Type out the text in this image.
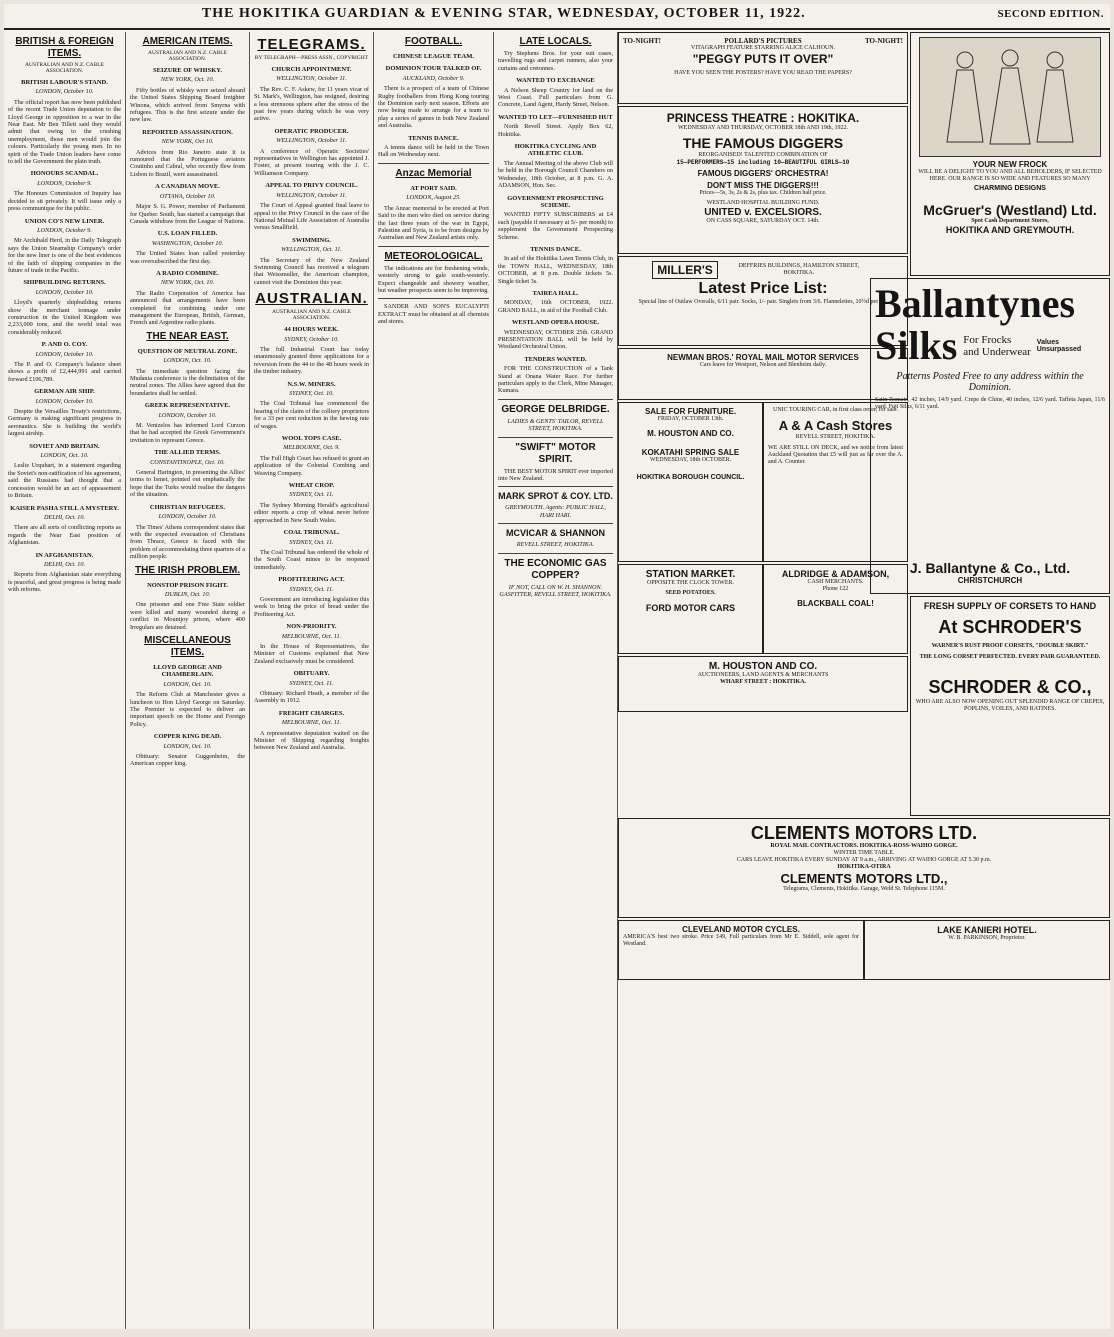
THE HOKITIKA GUARDIAN & EVENING STAR, WEDNESDAY, OCTOBER 11, 1922.	SECOND EDITION.
BRITISH & FOREIGN ITEMS.
AUSTRALIAN AND N.Z. CABLE ASSOCIATION.
BRITISH LABOUR'S STAND.

LONDON, October 10.

The official report has now been published of the recent Trade Union deputation to the Lloyd George in opposition to a war in the Near East. Mr Ben Tillett said they would admit that owing to the crushing unemployment, those men would join the colours. Particularly the young men. In no spirit of the Trade Union leaders have come to tell the Government the plain truth.

HONOURS SCANDAL.

LONDON, October 9.

The Honours Commission of Inquiry has decided to sit privately. It will issue only a press communique for the public.

UNION CO'S NEW LINER.

LONDON, October 9.

Mr Archibald Herd, in the Daily Telegraph says the Union Steamship Company's order for the new liner is one of the best evidences of the faith of shipping companies in the future of trade in the Pacific.

SHIPBUILDING RETURNS.

LONDON, October 10.

Lloyd's quarterly shipbuilding returns show the merchant tonnage under construction in the United Kingdom was 2,233,000 tons, and the world total was considerably reduced.

P. AND O. COY.

LONDON, October 10.

The P. and O. Company's balance sheet shows a profit of £2,444,991 and carried forward £106,789.

GERMAN AIR SHIP.

LONDON, October 10.

Despite the Versailles Treaty's restrictions, Germany is making significant progress in aeronautics. She is building the world's largest airship.

SOVIET AND BRITAIN.

LONDON, Oct. 10.

Leslie Urquhart, in a statement regarding the Soviet's non-ratification of his agreement, said the Russians had thought that a concession would be an act of appeasement to Britain.

KAISER PASHA STILL A MYSTERY.

DELHI, Oct. 10.

There are all sorts of conflicting reports as regards the Near East position of Afghanistan.

IN AFGHANISTAN.

DELHI, Oct. 10.

Reports from Afghanistan state everything is peaceful, and great progress is being made with reforms.

AMERICAN ITEMS.
AUSTRALIAN AND N.Z. CABLE ASSOCIATION.
SEIZURE OF WHISKY.

NEW YORK, Oct. 10.

Fifty bottles of whisky were seized aboard the United States Shipping Board freighter Winona, which arrived from Smyrna with refugees. This is the first seizure under the new law.

REPORTED ASSASSINATION.

NEW YORK, Oct 10.

Advices from Rio Janeiro state it is rumoured that the Portuguese aviators Coutinho and Cabral, who recently flew from Lisbon to Brazil, were assassinated.

A CANADIAN MOVE.

OTTAWA, October 10.

Major S. G. Power, member of Parliament for Quebec South, has started a campaign that Canada withdraw from the League of Nations.

U.S. LOAN FILLED.

WASHINGTON, October 10.

The United States loan called yesterday was oversubscribed the first day.

A RADIO COMBINE.

NEW YORK, Oct. 10.

The Radio Corporation of America has announced that arrangements have been completed for combining under one management the European, British, German, French and Argentine radio plants.

THE NEAR EAST.
QUESTION OF NEUTRAL ZONE.

LONDON, Oct. 10.

The immediate question facing the Mudania conference is the delimitation of the neutral zones. The Allies have agreed that the boundaries shall be settled.

GREEK REPRESENTATIVE.

LONDON, October 10.

M. Venizelos has informed Lord Curzon that he had accepted the Greek Government's invitation to represent Greece.

THE ALLIED TERMS.

CONSTANTINOPLE, Oct. 10.

General Harington, in presenting the Allies' terms to Ismet, pointed out emphatically the hope that the Turks would realise the dangers of the situation.

CHRISTIAN REFUGEES.

LONDON, October 10.

The Times' Athens correspondent states that with the expected evacuation of Christians from Thrace, Greece is faced with the problem of accommodating three quarters of a million people.

THE IRISH PROBLEM.
NONSTOP PRISON FIGHT.

DUBLIN, Oct. 10.

One prisoner and one Free State soldier were killed and many wounded during a conflict in Mountjoy prison, where 400 Irregulars are detained.

MISCELLANEOUS ITEMS.
LLOYD GEORGE AND CHAMBERLAIN.

LONDON, Oct. 10.

The Reform Club at Manchester gives a luncheon to Hon Lloyd George on Saturday. The Premier is expected to deliver an important speech on the Home and Foreign Policy.

COPPER KING DEAD.

LONDON, Oct. 10.

Obituary: Senator Guggenheim, the American copper king.

TELEGRAMS.
BY TELEGRAPH—PRESS ASSN., COPYRIGHT
CHURCH APPOINTMENT.

WELLINGTON, October 11.

The Rev. C. F. Askew, for 11 years vicar of St. Mark's, Wellington, has resigned, desiring a less strenuous sphere after the stress of the past few years during which he was very active.

OPERATIC PRODUCER.

WELLINGTON, October 11.

A conference of Operatic Societies' representatives in Wellington has appointed J. Foster, at present touring with the J. C. Williamson Company.

APPEAL TO PRIVY COUNCIL.

WELLINGTON, October 11.

The Court of Appeal granted final leave to appeal to the Privy Council in the case of the National Mutual Life Association of Australia versus Smallfield.

SWIMMING.

WELLINGTON, Oct. 11.

The Secretary of the New Zealand Swimming Council has received a telegram that Weissmuller, the American champion, cannot visit the Dominion this year.

AUSTRALIAN.
AUSTRALIAN AND N.Z. CABLE ASSOCIATION.
44 HOURS WEEK.

SYDNEY, October 10.

The full Industrial Court has today unanimously granted three applications for a reversion from the 44 to the 48 hours week in the timber industry.

N.S.W. MINERS.

SYDNEY, Oct. 10.

The Coal Tribunal has commenced the hearing of the claim of the colliery proprietors for a 33 per cent reduction in the hewing rate of wages.

WOOL TOPS CASE.

MELBOURNE, Oct. 9.

The Full High Court has refused to grant an application of the Colonial Combing and Weaving Company.

WHEAT CROP.

SYDNEY, Oct. 11.

The Sydney Morning Herald's agricultural editor reports a crop of wheat never before approached in New South Wales.

COAL TRIBUNAL.

SYDNEY, Oct. 11.

The Coal Tribunal has ordered the whole of the South Coast mines to be reopened immediately.

PROFITEERING ACT.

SYDNEY, Oct. 11.

Government are introducing legislation this week to bring the price of bread under the Profiteering Act.

NON-PRIORITY.

MELBOURNE, Oct. 11.

In the House of Representatives, the Minister of Customs explained that New Zealand exclusively must be considered.

OBITUARY.

SYDNEY, Oct. 11.

Obituary: Richard Heath, a member of the Assembly in 1912.

FREIGHT CHARGES.

MELBOURNE, Oct. 11.

A representative deputation waited on the Minister of Shipping regarding freights between New Zealand and Australia.

FOOTBALL.
CHINESE LEAGUE TEAM.
DOMINION TOUR TALKED OF.

AUCKLAND, October 9.

There is a prospect of a team of Chinese Rugby footballers from Hong Kong touring the Dominion early next season. Efforts are now being made to arrange for a team to play a series of games in both New Zealand and Australia.

TENNIS DANCE.

A tennis dance will be held in the Town Hall on Wednesday next.

Anzac Memorial
AT PORT SAID.

LONDON, August 25.

The Anzac memorial to be erected at Port Said to the men who died on service during the last three years of the war in Egypt, Palestine and Syria, is to be from designs by Australian and New Zealand artists only.

METEOROLOGICAL.

The indications are for freshening winds, westerly strong to gale south-westerly. Expect changeable and showery weather, but weather prospects seem to be improving.

SANDER AND SON'S EUCALYPTI EXTRACT must be obtained at all chemists and stores.

LATE LOCALS.

Try Stephens Bros. for your suit cases, travelling rugs and carpet runners, also your curtains and cretonnes.

WANTED TO EXCHANGE

A Nelson Sheep Country for land on the West Coast. Full particulars from G. Concrete, Land Agent, Hardy Street, Nelson.

WANTED TO LET—FURNISHED HUT

North Revell Street. Apply Box 62, Hokitika.

HOKITIKA CYCLING AND ATHLETIC CLUB.

The Annual Meeting of the above Club will be held in the Borough Council Chambers on Wednesday, 18th October, at 8 p.m. G. A. ADAMSON, Hon. Sec.

GOVERNMENT PROSPECTING SCHEME.

WANTED FIFTY SUBSCRIBERS at £4 each (payable if necessary at 5/- per month) to supplement the Government Prospecting Scheme.

TENNIS DANCE.

In aid of the Hokitika Lawn Tennis Club, in the TOWN HALL, WEDNESDAY, 18th OCTOBER, at 8 p.m. Double tickets 5s. Single ticket 3s.

TAIREA HALL.

MONDAY, 16th OCTOBER, 1922. GRAND BALL, in aid of the Football Club.

WESTLAND OPERA HOUSE.

WEDNESDAY, OCTOBER 25th. GRAND PRESENTATION BALL will be held by Westland Orchestral Union.

TENDERS WANTED.

FOR THE CONSTRUCTION of a Tank Stand at Onana Water Race. For further particulars apply to the Clerk, Mine Manager, Kumara.

GEORGE DELBRIDGE.

LADIES & GENTS' TAILOR, REVELL STREET, HOKITIKA.

"SWIFT" MOTOR SPIRIT.

THE BEST MOTOR SPIRIT ever imported into New Zealand.

MARK SPROT & COY. LTD.

GREYMOUTH. Agents: PUBLIC HALL, HARI HARI.

MCVICAR & SHANNON

REVELL STREET, HOKITIKA.

THE ECONOMIC GAS COPPER?

IF NOT, CALL ON W. H. SHANNON. GASFITTER, REVELL STREET, HOKITIKA.

TO-NIGHT!	POLLARD'S PICTURES	TO-NIGHT!
VITAGRAPH FEATURE STARRING ALICE CALHOUN.
"PEGGY PUTS IT OVER"
HAVE YOU SEEN THE POSTERS? HAVE YOU READ THE PAPERS?
PRINCESS THEATRE : HOKITIKA.
WEDNESDAY AND THURSDAY, OCTOBER 18th AND 19th, 1922.
THE FAMOUS DIGGERS
REORGANISED! TALENTED COMBINATION OF
15—PERFORMERS—15 including 10—BEAUTIFUL GIRLS—10
FAMOUS DIGGERS' ORCHESTRA!
DON'T MISS THE DIGGERS!!!
Prices—5s, 3s, 2s & 2s, plus tax. Children half price.
WESTLAND HOSPITAL BUILDING FUND.
UNITED v. EXCELSIORS.
ON CASS SQUARE, SATURDAY OCT. 14th.
MILLER'S	DEFFRIES BUILDINGS, HAMILTON STREET, HOKITIKA.
Latest Price List:
Special line of Outlaw Overalls, 6/11 pair. Socks, 1/- pair. Singlets from 3/6. Flannelettes, 10½d per yd.
NEWMAN BROS.' ROYAL MAIL MOTOR SERVICES
Cars leave for Westport, Nelson and Blenheim daily.
SALE FOR FURNITURE.
FRIDAY, OCTOBER 13th.
M. HOUSTON AND CO.
KOKATAHI SPRING SALE
WEDNESDAY, 18th OCTOBER.
HOKITIKA BOROUGH COUNCIL.
UNIC TOURING CAR, in first class order, for sale.
A & A Cash Stores
REVELL STREET, HOKITIKA.
WE ARE STILL ON DECK, and we notice from latest Auckland Quotation that £5 will just as far over the A. and A. Counter.
ALDRIDGE & ADAMSON,
CASH MERCHANTS.
Phone 122
BLACKBALL COAL!
STATION MARKET.
OPPOSITE THE CLOCK TOWER.
SEED POTATOES.
FORD MOTOR CARS
M. HOUSTON AND CO.
AUCTIONEERS, LAND AGENTS & MERCHANTS
WHARF STREET : HOKITIKA.
YOUR NEW FROCK
WILL BE A DELIGHT TO YOU AND ALL BEHOLDERS, IF SELECTED HERE. OUR RANGE IS SO WIDE AND FEATURES SO MANY
CHARMING DESIGNS
McGruer's (Westland) Ltd.
Spot Cash Department Stores,
HOKITIKA AND GREYMOUTH.
Ballantynes
Silks For Frocks
and Underwear
Values Unsurpassed
Patterns Posted Free to any address within the Dominion.
Satin Romain, 42 inches, 14/9 yard. Crepe de Chine, 40 inches, 12/6 yard. Taffeta Japan, 11/6 yard. Fuji Silks, 6/11 yard.
J. Ballantyne & Co., Ltd.
CHRISTCHURCH
FRESH SUPPLY OF CORSETS TO HAND
At SCHRODER'S
WARNER'S RUST PROOF CORSETS, "DOUBLE SKIRT."
THE LONG CORSET PERFECTED. EVERY PAIR GUARANTEED.
SCHRODER & CO.,
WHO ARE ALSO NOW OPENING OUT SPLENDID RANGE OF CREPES, POPLINS, VOILES, AND RATINES.
CLEMENTS MOTORS LTD.
ROYAL MAIL CONTRACTORS. HOKITIKA-ROSS-WAIHO GORGE.
WINTER TIME TABLE.
CARS LEAVE HOKITIKA EVERY SUNDAY AT 9 a.m., ARRIVING AT WAIHO GORGE AT 5.30 p.m.
HOKITIKA-OTIRA
CLEMENTS MOTORS LTD.,
Telegrams, Clements, Hokitika. Garage, Weld St. Telephone 115M.
CLEVELAND MOTOR CYCLES.
AMERICA'S best two stroke. Price £49, Full particulars from Mr E. Siddell, sole agent for Westland.
LAKE KANIERI HOTEL.
W. B. PARKINSON, Proprietor.
